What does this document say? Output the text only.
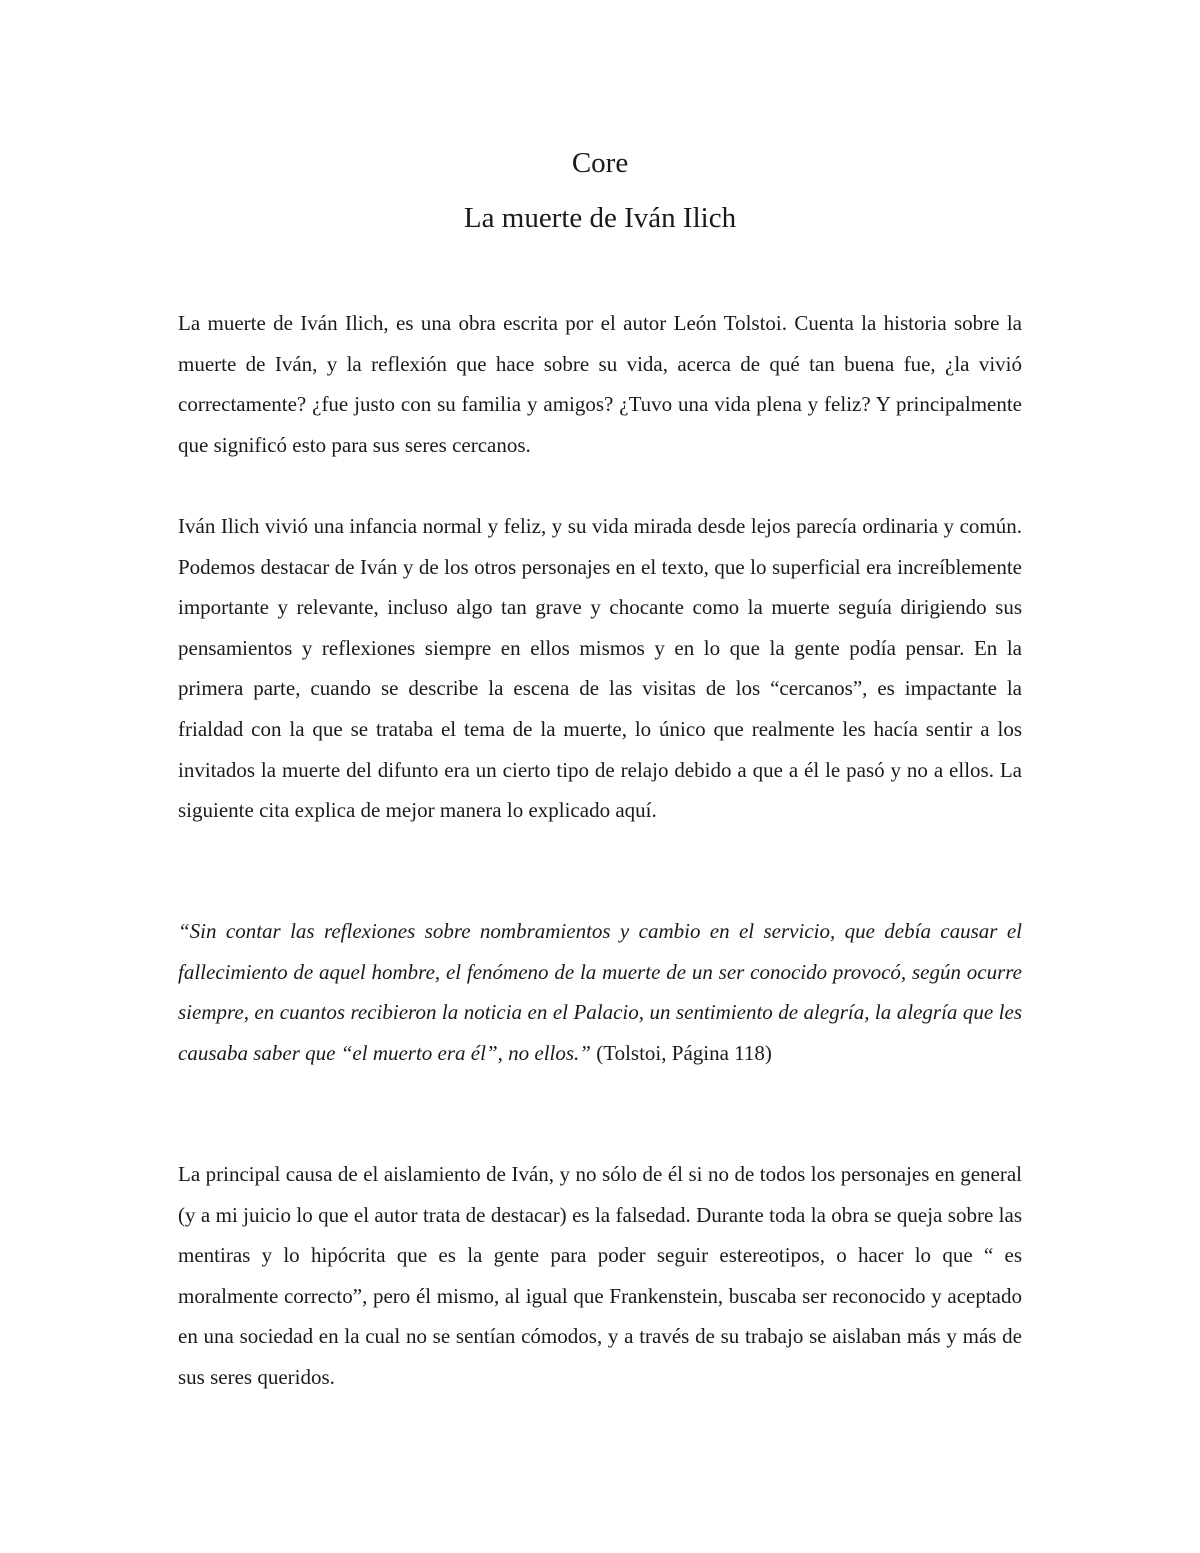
Core
La muerte de Iván Ilich

La muerte de Iván Ilich, es una obra escrita por el autor León Tolstoi. Cuenta la historia sobre la muerte de Iván, y la reflexión que hace sobre su vida, acerca de qué tan buena fue, ¿la vivió correctamente? ¿fue justo con su familia y amigos? ¿Tuvo una vida plena y feliz? Y principalmente que significó esto para sus seres cercanos.

Iván Ilich vivió una infancia normal y feliz, y su vida mirada desde lejos parecía ordinaria y común. Podemos destacar de Iván y de los otros personajes en el texto, que lo superficial era increíblemente importante y relevante, incluso algo tan grave y chocante como la muerte seguía dirigiendo sus pensamientos y reflexiones siempre en ellos mismos y en lo que la gente podía pensar. En la primera parte, cuando se describe la escena de las visitas de los “cercanos”, es impactante la frialdad con la que se trataba el tema de la muerte, lo único que realmente les hacía sentir a los invitados la muerte del difunto era un cierto tipo de relajo debido a que a él le pasó y no a ellos. La siguiente cita explica de mejor manera lo explicado aquí.

“Sin contar las reflexiones sobre nombramientos y cambio en el servicio, que debía causar el fallecimiento de aquel hombre, el fenómeno de la muerte de un ser conocido provocó, según ocurre siempre, en cuantos recibieron la noticia en el Palacio, un sentimiento de alegría, la alegría que les causaba saber que “el muerto era él”, no ellos.” (Tolstoi, Página 118)

La principal causa de el aislamiento de Iván, y no sólo de él si no de todos los personajes en general (y a mi juicio lo que el autor trata de destacar) es la falsedad. Durante toda la obra se queja sobre las mentiras y lo hipócrita que es la gente para poder seguir estereotipos, o hacer lo que “ es moralmente correcto”, pero él mismo, al igual que Frankenstein, buscaba ser reconocido y aceptado en una sociedad en la cual no se sentían cómodos, y a través de su trabajo se aislaban más y más de sus seres queridos.
